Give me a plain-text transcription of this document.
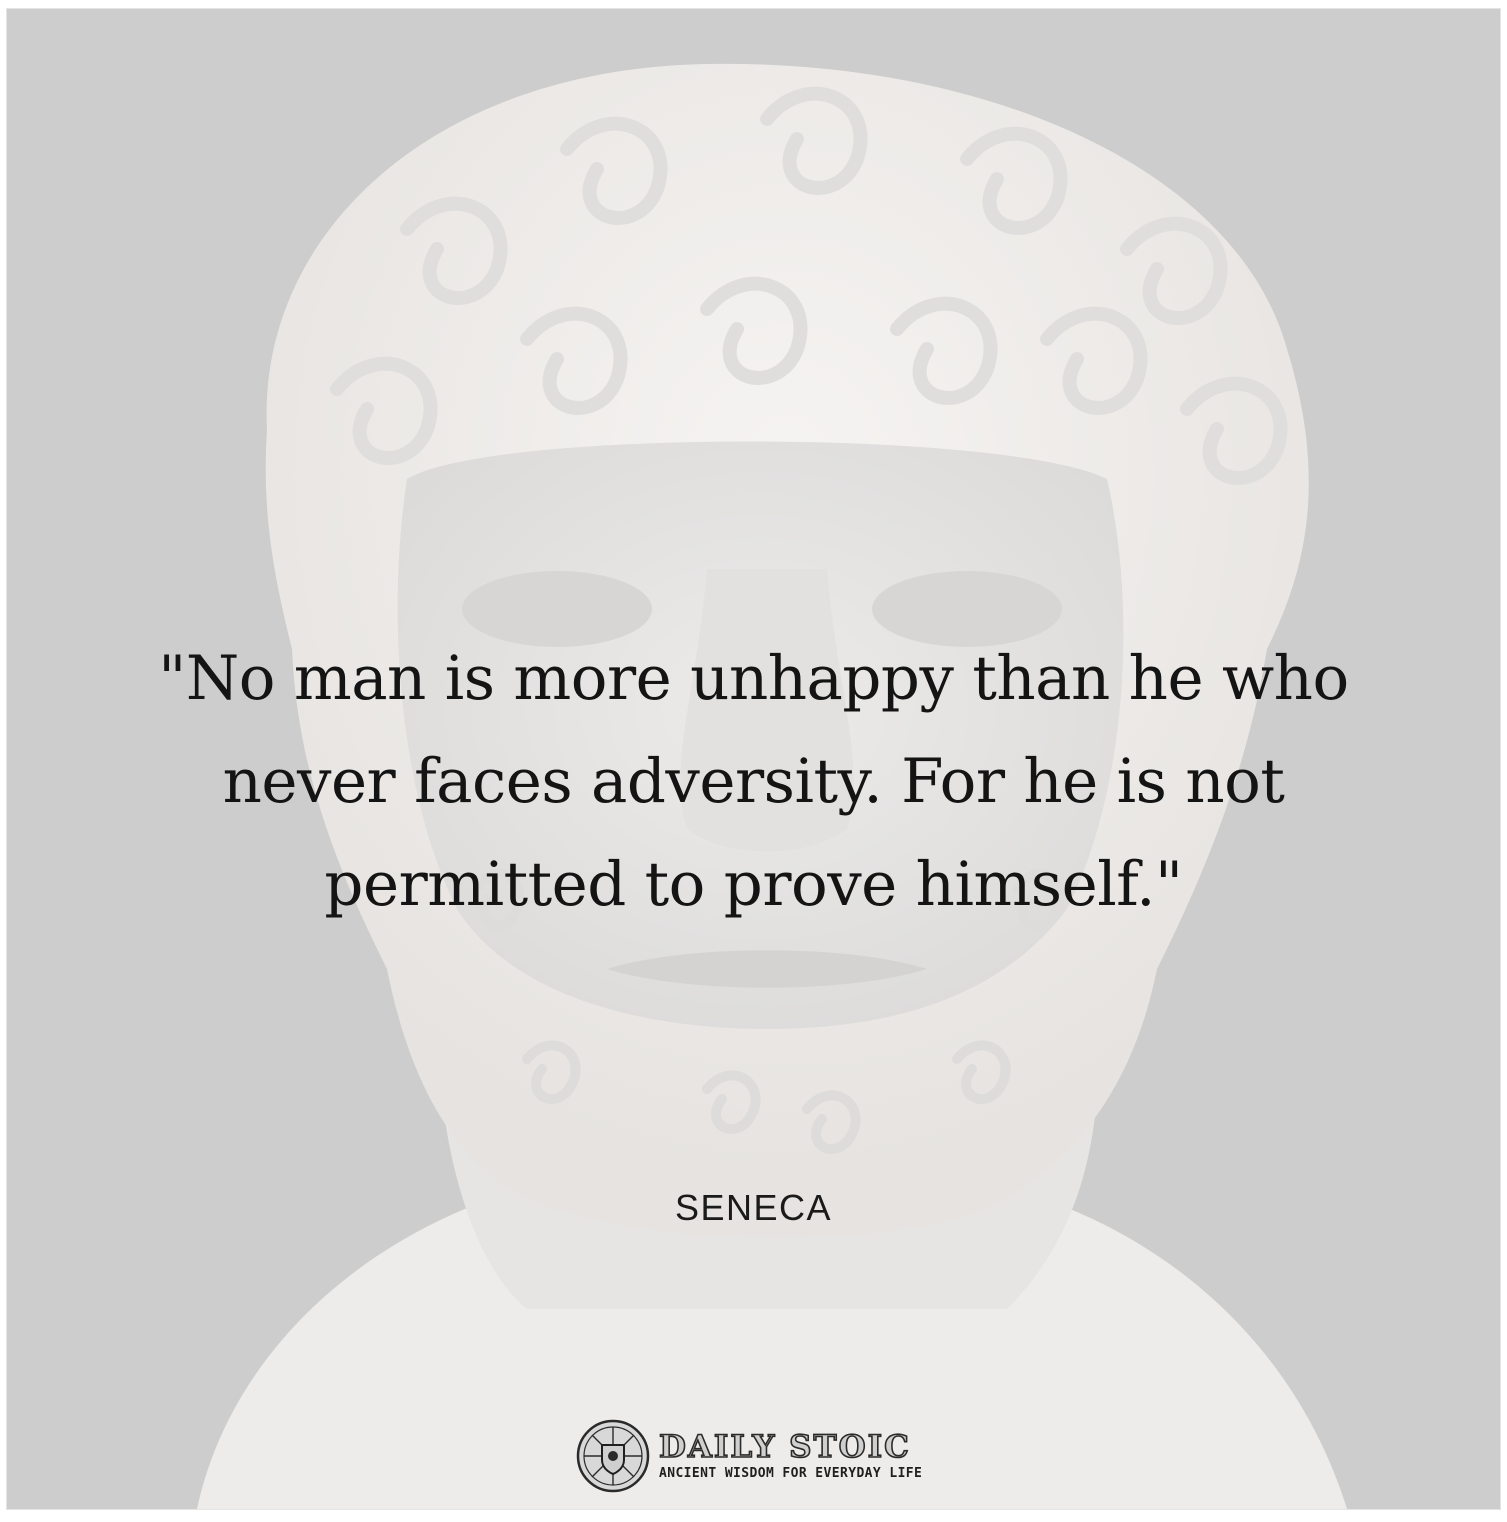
"No man is more unhappy than he who never faces adversity. For he is not permitted to prove himself."

SENECA
DAILY STOIC
ANCIENT WISDOM FOR EVERYDAY LIFE
